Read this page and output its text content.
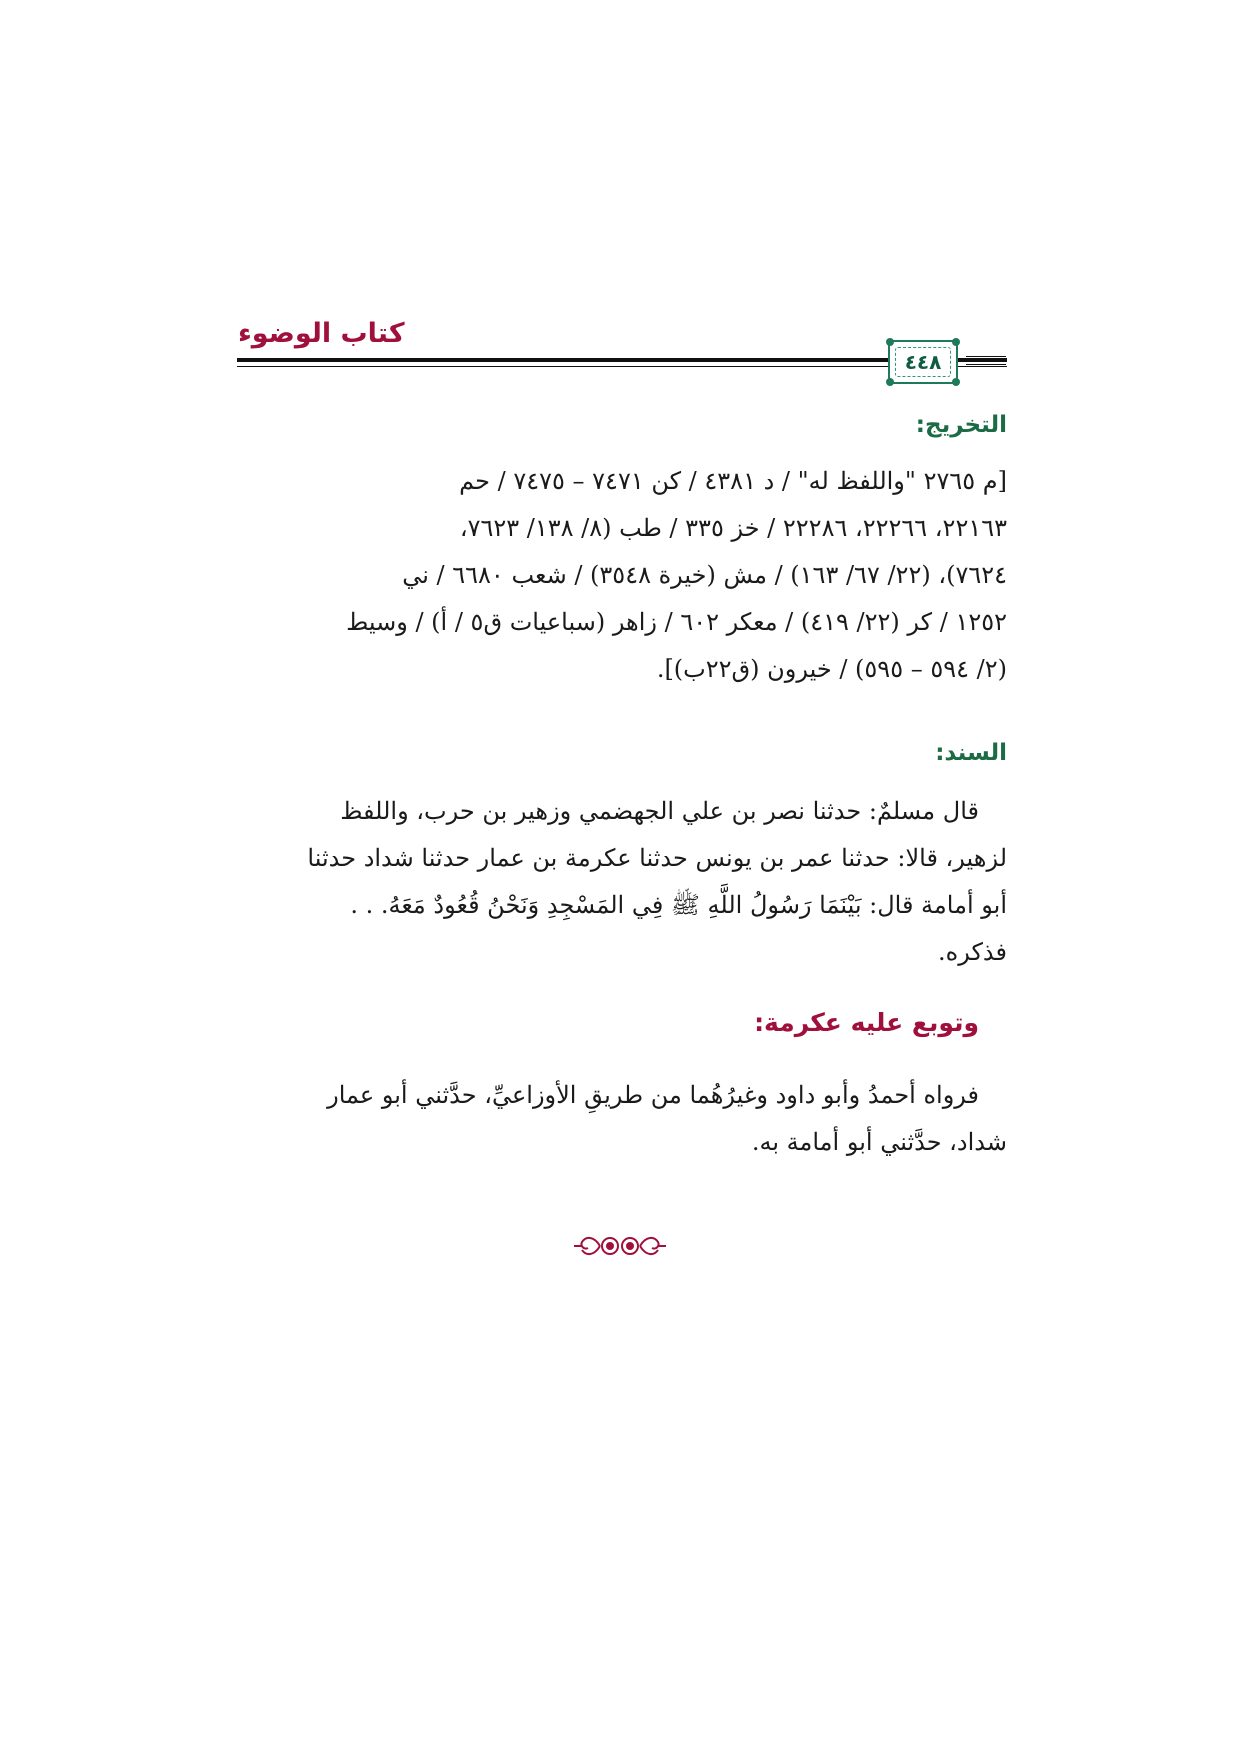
كتاب الوضوء
٤٤٨
التخريج:
[م ٢٧٦٥ "واللفظ له" / د ٤٣٨١ / كن ٧٤٧١ – ٧٤٧٥ / حم
٢٢١٦٣، ٢٢٢٦٦، ٢٢٢٨٦ / خز ٣٣٥ / طب (٨/ ١٣٨/ ٧٦٢٣،
٧٦٢٤)، (٢٢/ ٦٧/ ١٦٣) / مش (خيرة ٣٥٤٨) / شعب ٦٦٨٠ / ني
١٢٥٢ / كر (٢٢/ ٤١٩) / معكر ٦٠٢ / زاهر (سباعيات ق٥ / أ) / وسيط
(٢/ ٥٩٤ – ٥٩٥) / خيرون (ق٢٢ب)].
السند:
قال مسلمٌ: حدثنا نصر بن علي الجهضمي وزهير بن حرب، واللفظ
لزهير، قالا: حدثنا عمر بن يونس حدثنا عكرمة بن عمار حدثنا شداد حدثنا
أبو أمامة قال: بَيْنَمَا رَسُولُ اللَّهِ ﷺ فِي المَسْجِدِ وَنَحْنُ قُعُودٌ مَعَهُ. . .
فذكره.
وتوبع عليه عكرمة:
فرواه أحمدُ وأبو داود وغيرُهُما من طريقِ الأوزاعيِّ، حدَّثني أبو عمار
شداد، حدَّثني أبو أمامة به.
